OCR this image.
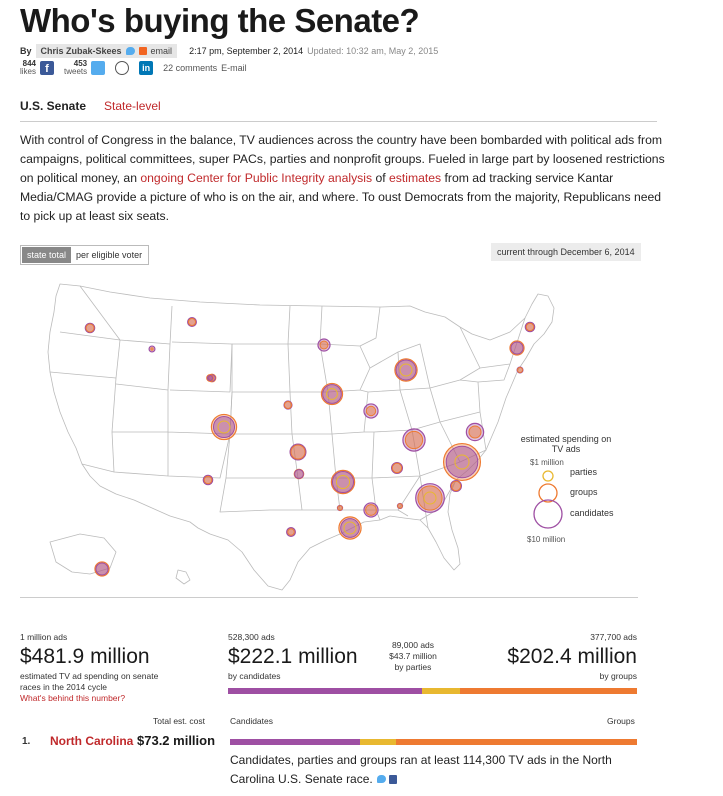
Who's buying the Senate?
By Chris Zubak-Skees	email 2:17 pm, September 2, 2014 Updated: 10:32 am, May 2, 2015
844
likes f	453
tweets	in	22 comments E-mail
U.S. Senate State-level

With control of Congress in the balance, TV audiences across the country have been bombarded with political ads from campaigns, political committees, super PACs, parties and nonprofit groups. Fueled in large part by loosened restrictions on political money, an ongoing Center for Public Integrity analysis of estimates from ad tracking service Kantar Media/CMAG provide a picture of who is on the air, and where. To oust Democrats from the majority, Republicans need to pick up at least six seats.

state total	per eligible voter	current through December 6, 2014
estimated spending on TV ads
$1 million
parties
groups
candidates
$10 million
1 million ads
$481.9 million
estimated TV ad spending on senate races in the 2014 cycle
What's behind this number?
528,300 ads
$222.1 million
by candidates
89,000 ads
$43.7 million
by parties
377,700 ads
$202.4 million
by groups
Total est. cost	Candidates	Groups
1. North Carolina $73.2 million
Candidates, parties and groups ran at least 114,300 TV ads in the North Carolina U.S. Senate race.
